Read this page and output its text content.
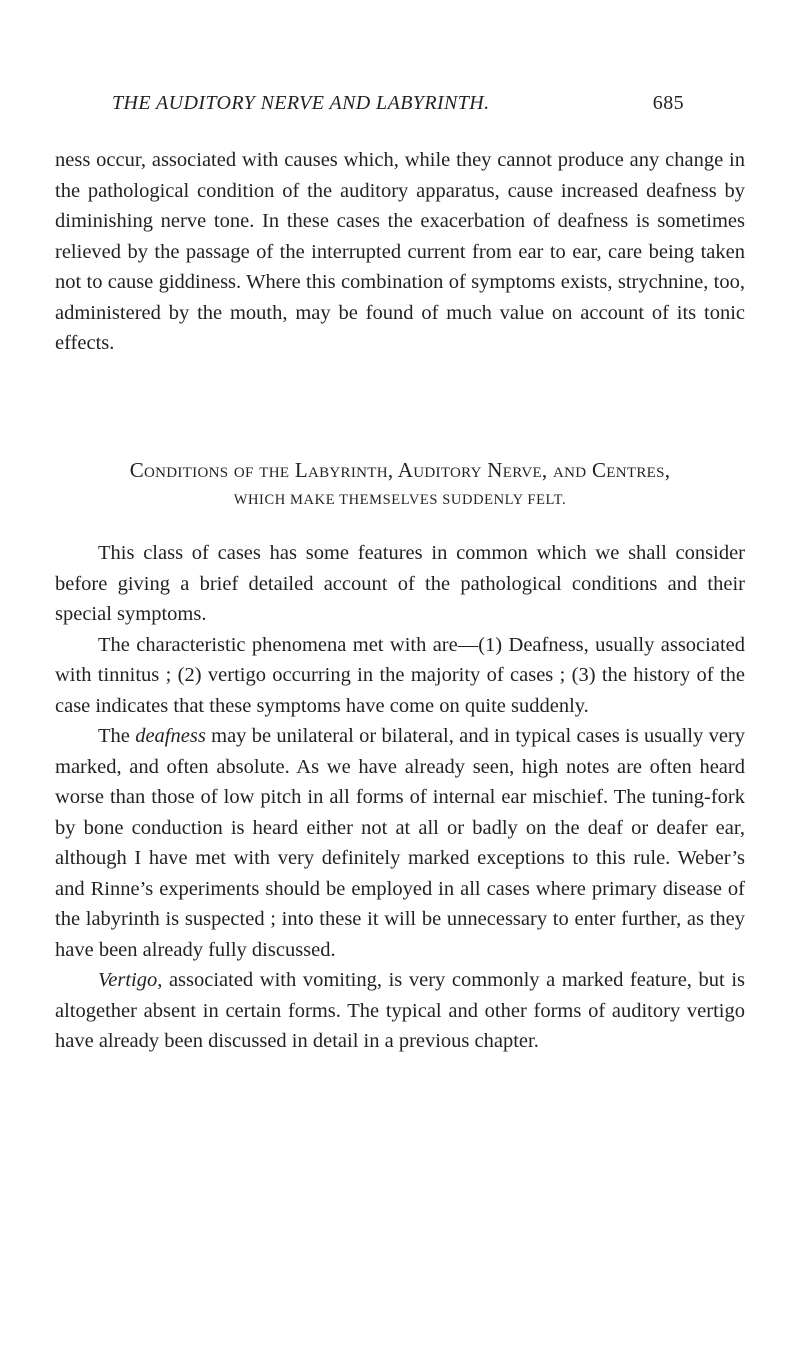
THE AUDITORY NERVE AND LABYRINTH.	685

ness occur, associated with causes which, while they cannot produce any change in the pathological condition of the auditory apparatus, cause increased deafness by diminishing nerve tone. In these cases the exacerbation of deafness is sometimes relieved by the passage of the interrupted current from ear to ear, care being taken not to cause giddiness. Where this combination of symptoms exists, strychnine, too, administered by the mouth, may be found of much value on account of its tonic effects.

Conditions of the Labyrinth, Auditory Nerve, and Centres,
WHICH MAKE THEMSELVES SUDDENLY FELT.

This class of cases has some features in common which we shall consider before giving a brief detailed account of the pathological conditions and their special symptoms.

The characteristic phenomena met with are—(1) Deafness, usually associated with tinnitus ; (2) vertigo occurring in the majority of cases ; (3) the history of the case indicates that these symptoms have come on quite suddenly.

The deafness may be unilateral or bilateral, and in typical cases is usually very marked, and often absolute. As we have already seen, high notes are often heard worse than those of low pitch in all forms of internal ear mischief. The tuning-fork by bone conduction is heard either not at all or badly on the deaf or deafer ear, although I have met with very definitely marked exceptions to this rule. Weber’s and Rinne’s experiments should be employed in all cases where primary disease of the labyrinth is suspected ; into these it will be unnecessary to enter further, as they have been already fully discussed.

Vertigo, associated with vomiting, is very commonly a marked feature, but is altogether absent in certain forms. The typical and other forms of auditory vertigo have already been discussed in detail in a previous chapter.
